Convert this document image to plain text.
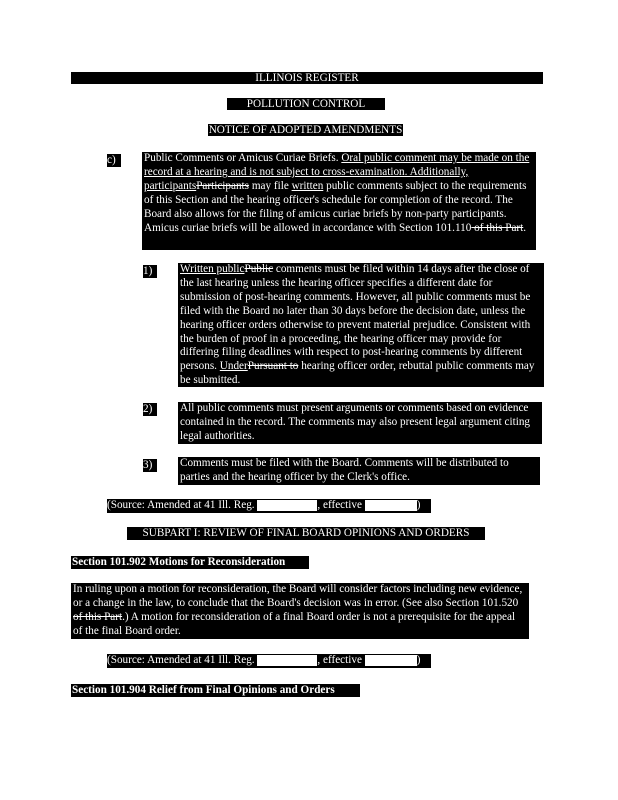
ILLINOIS REGISTER
POLLUTION CONTROL BOARD
NOTICE OF ADOPTED AMENDMENTS
c)	Public Comments or Amicus Curiae Briefs. Oral public comment may be made on the record at a hearing and is not subject to cross-examination. Additionally, participantsParticipants may file written public comments subject to the requirements of this Section and the hearing officer's schedule for completion of the record. The Board also allows for the filing of amicus curiae briefs by non-party participants. Amicus curiae briefs will be allowed in accordance with Section 101.110 of this Part.
1)	Written publicPublic comments must be filed within 14 days after the close of the last hearing unless the hearing officer specifies a different date for submission of post-hearing comments. However, all public comments must be filed with the Board no later than 30 days before the decision date, unless the hearing officer orders otherwise to prevent material prejudice. Consistent with the burden of proof in a proceeding, the hearing officer may provide for differing filing deadlines with respect to post-hearing comments by different persons. UnderPursuant to hearing officer order, rebuttal public comments may be submitted.
2)	All public comments must present arguments or comments based on evidence contained in the record. The comments may also present legal argument citing legal authorities.
3)	Comments must be filed with the Board. Comments will be distributed to parties and the hearing officer by the Clerk's office.
(Source: Amended at 41 Ill. Reg.	, effective	)
SUBPART I: REVIEW OF FINAL BOARD OPINIONS AND ORDERS
Section 101.902 Motions for Reconsideration
In ruling upon a motion for reconsideration, the Board will consider factors including new evidence, or a change in the law, to conclude that the Board's decision was in error. (See also Section 101.520 of this Part.) A motion for reconsideration of a final Board order is not a prerequisite for the appeal of the final Board order.
(Source: Amended at 41 Ill. Reg.	, effective	)
Section 101.904 Relief from Final Opinions and Orders
